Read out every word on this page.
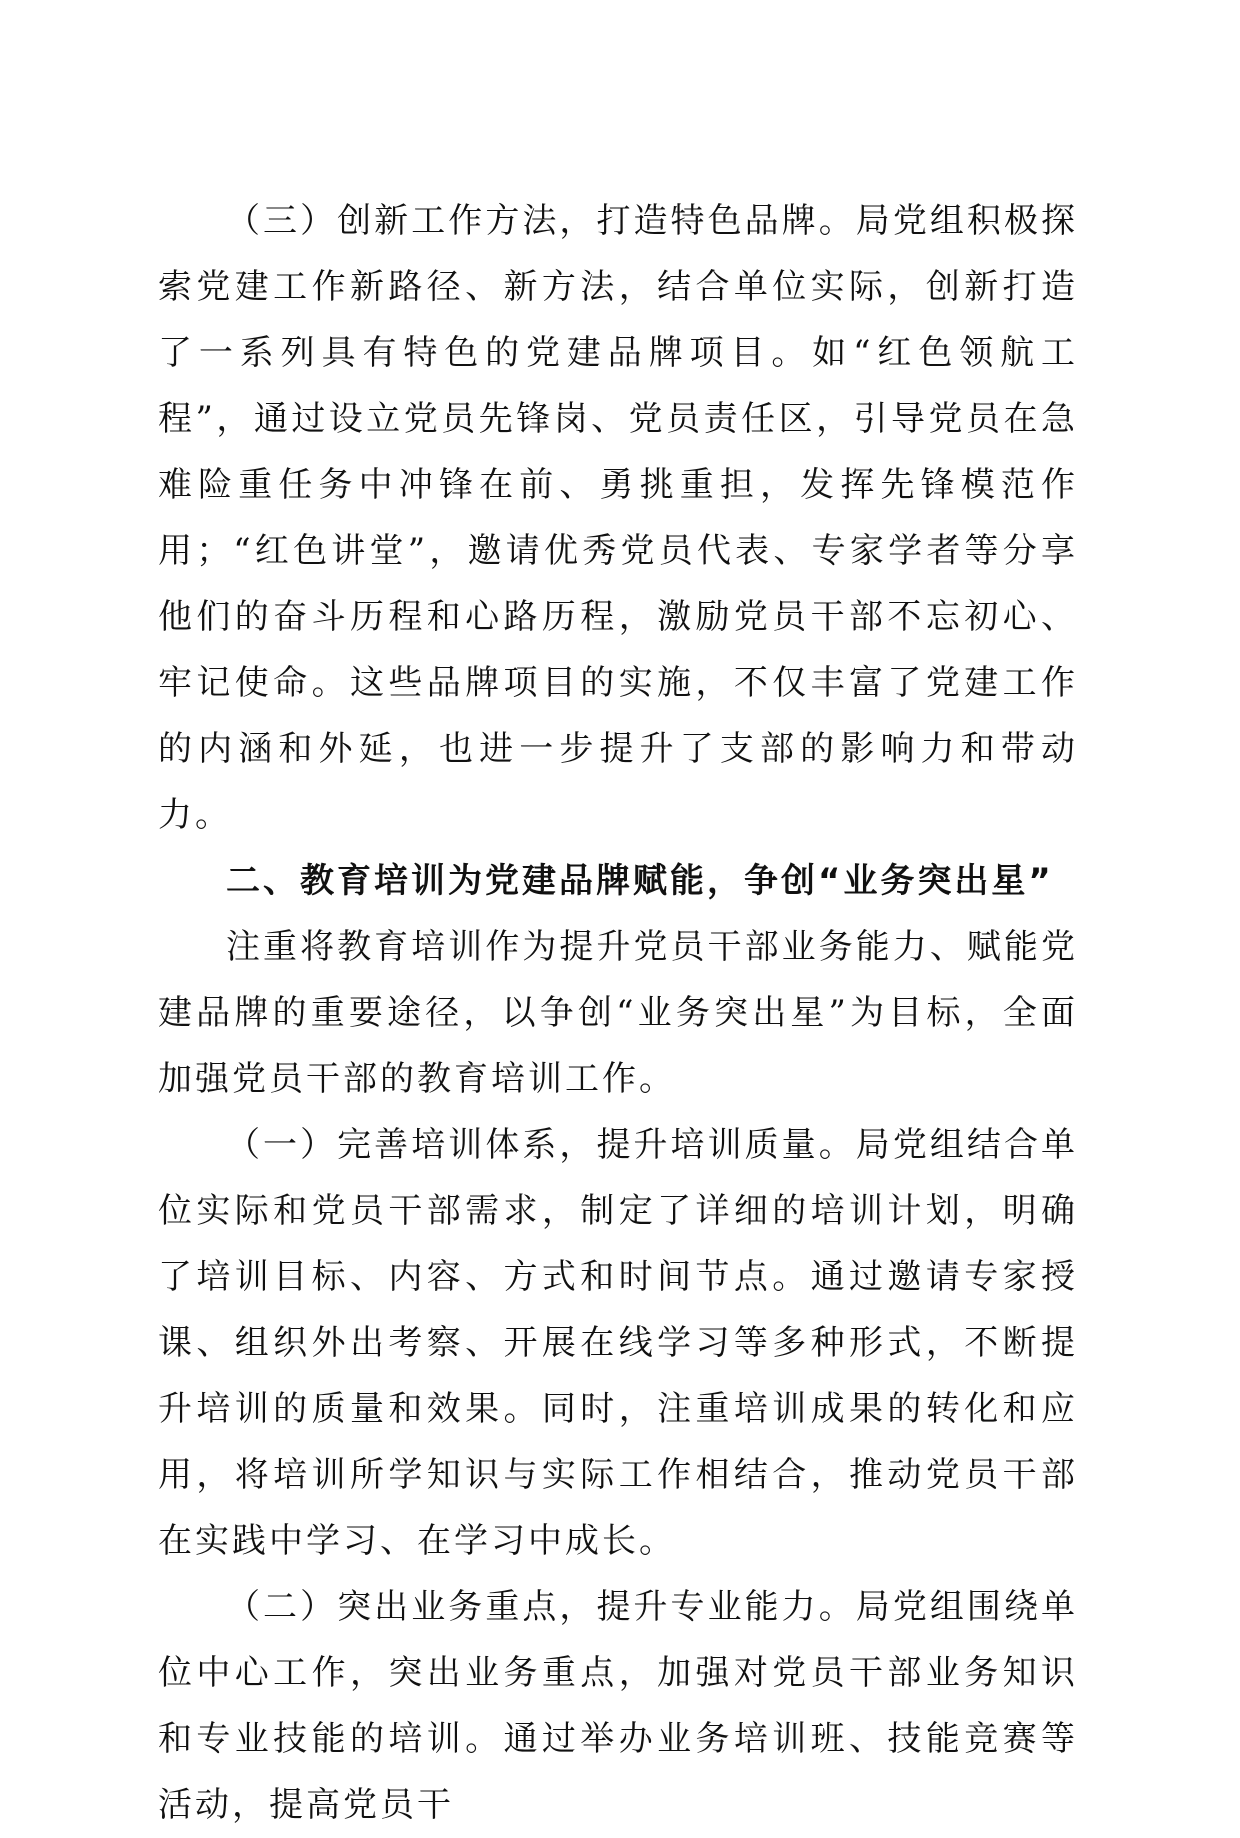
（三）创新工作方法，打造特色品牌。局党组积极探索党建工作新路径、新方法，结合单位实际，创新打造了一系列具有特色的党建品牌项目。如“红色领航工程”，通过设立党员先锋岗、党员责任区，引导党员在急难险重任务中冲锋在前、勇挑重担，发挥先锋模范作用；“红色讲堂”，邀请优秀党员代表、专家学者等分享他们的奋斗历程和心路历程，激励党员干部不忘初心、牢记使命。这些品牌项目的实施，不仅丰富了党建工作的内涵和外延，也进一步提升了支部的影响力和带动力。

二、教育培训为党建品牌赋能，争创“业务突出星”

注重将教育培训作为提升党员干部业务能力、赋能党建品牌的重要途径，以争创“业务突出星”为目标，全面加强党员干部的教育培训工作。

（一）完善培训体系，提升培训质量。局党组结合单位实际和党员干部需求，制定了详细的培训计划，明确了培训目标、内容、方式和时间节点。通过邀请专家授课、组织外出考察、开展在线学习等多种形式，不断提升培训的质量和效果。同时，注重培训成果的转化和应用，将培训所学知识与实际工作相结合，推动党员干部在实践中学习、在学习中成长。

（二）突出业务重点，提升专业能力。局党组围绕单位中心工作，突出业务重点，加强对党员干部业务知识和专业技能的培训。通过举办业务培训班、技能竞赛等活动，提高党员干
